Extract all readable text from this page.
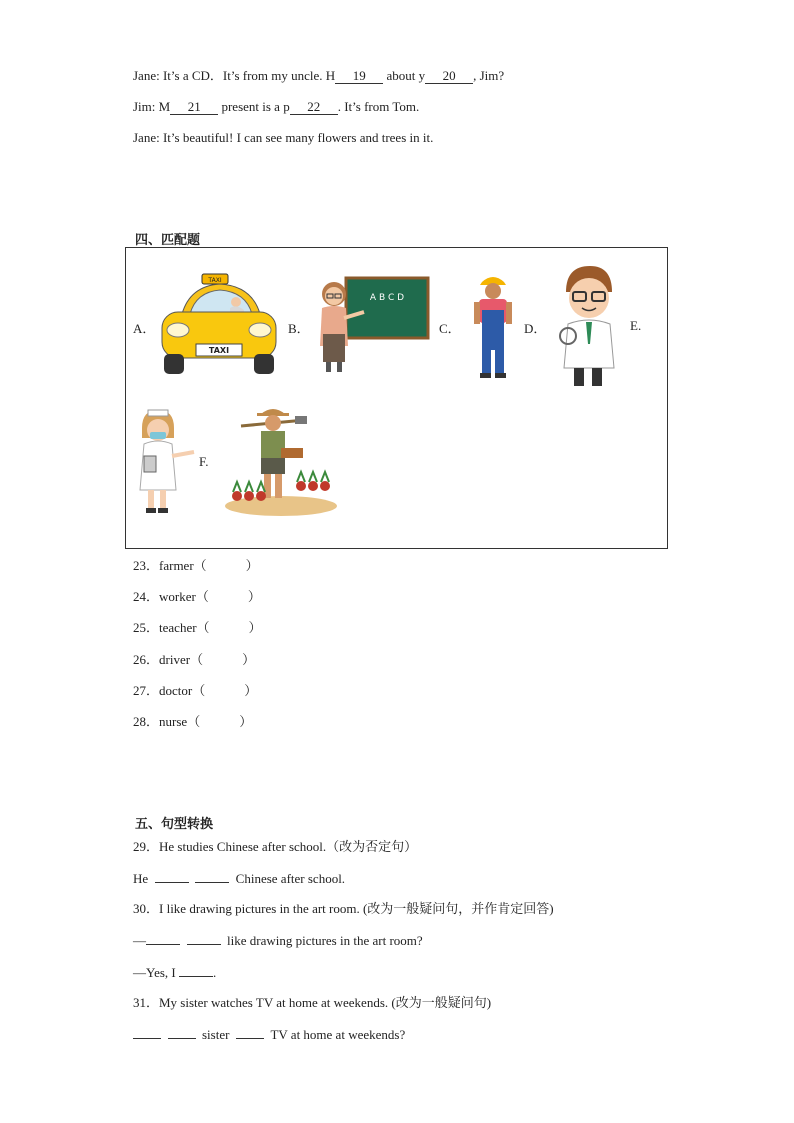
Jane: It’s a CD．It’s from my uncle. H 19 about y 20 , Jim?
Jim: M 21 present is a p 22 . It’s from Tom.
Jane: It’s beautiful! I can see many flowers and trees in it.
四、匹配题
A．	B．	C．	D．	E.
F.
TAXI
TAXI
A B C D
23．farmer（　　　）
24．worker（　　　）
25．teacher（　　　）
26．driver（　　　）
27．doctor（　　　）
28．nurse（　　　）
五、句型转换
29．He studies Chinese after school.（改为否定句）
He	Chinese after school.
30．I like drawing pictures in the art room. (改为一般疑问句，并作肯定回答)
—	like drawing pictures in the art room?
—Yes, I	.
31．My sister watches TV at home at weekends. (改为一般疑问句)
sister	TV at home at weekends?
